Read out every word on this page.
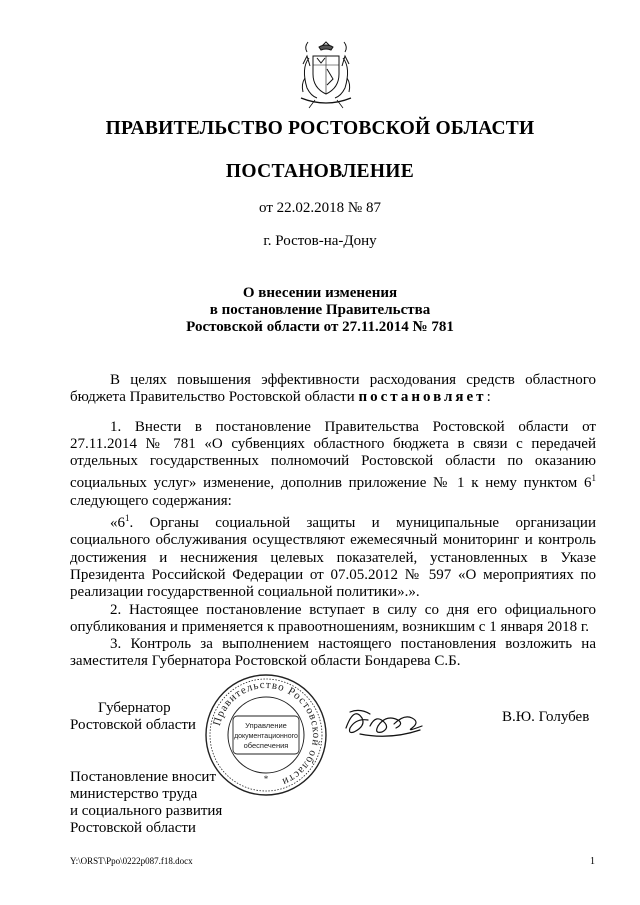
ПРАВИТЕЛЬСТВО РОСТОВСКОЙ ОБЛАСТИ
ПОСТАНОВЛЕНИЕ
от 22.02.2018 № 87
г. Ростов-на-Дону
О внесении изменения
в постановление Правительства
Ростовской области от 27.11.2014 № 781

В целях повышения эффективности расходования средств областного бюджета Правительство Ростовской области постановляет:

1. Внести в постановление Правительства Ростовской области от 27.11.2014 № 781 «О субвенциях областного бюджета в связи с передачей отдельных государственных полномочий Ростовской области по оказанию социальных услуг» изменение, дополнив приложение № 1 к нему пунктом $6^1$ следующего содержания:

«$6^1$. Органы социальной защиты и муниципальные организации социального обслуживания осуществляют ежемесячный мониторинг и контроль достижения и неснижения целевых показателей, установленных в Указе Президента Российской Федерации от 07.05.2012 № 597 «О мероприятиях по реализации государственной социальной политики».».

2. Настоящее постановление вступает в силу со дня его официального опубликования и применяется к правоотношениям, возникшим с 1 января 2018 г.

3. Контроль за выполнением настоящего постановления возложить на заместителя Губернатора Ростовской области Бондарева С.Б.

Губернатор
Ростовской области	Правительство Ростовской области
Управление
документационного
обеспечения
*
В.Ю. Голубев
Постановление вносит
министерство труда
и социального развития
Ростовской области
Y:\ORST\Ppo\0222p087.f18.docx	1
